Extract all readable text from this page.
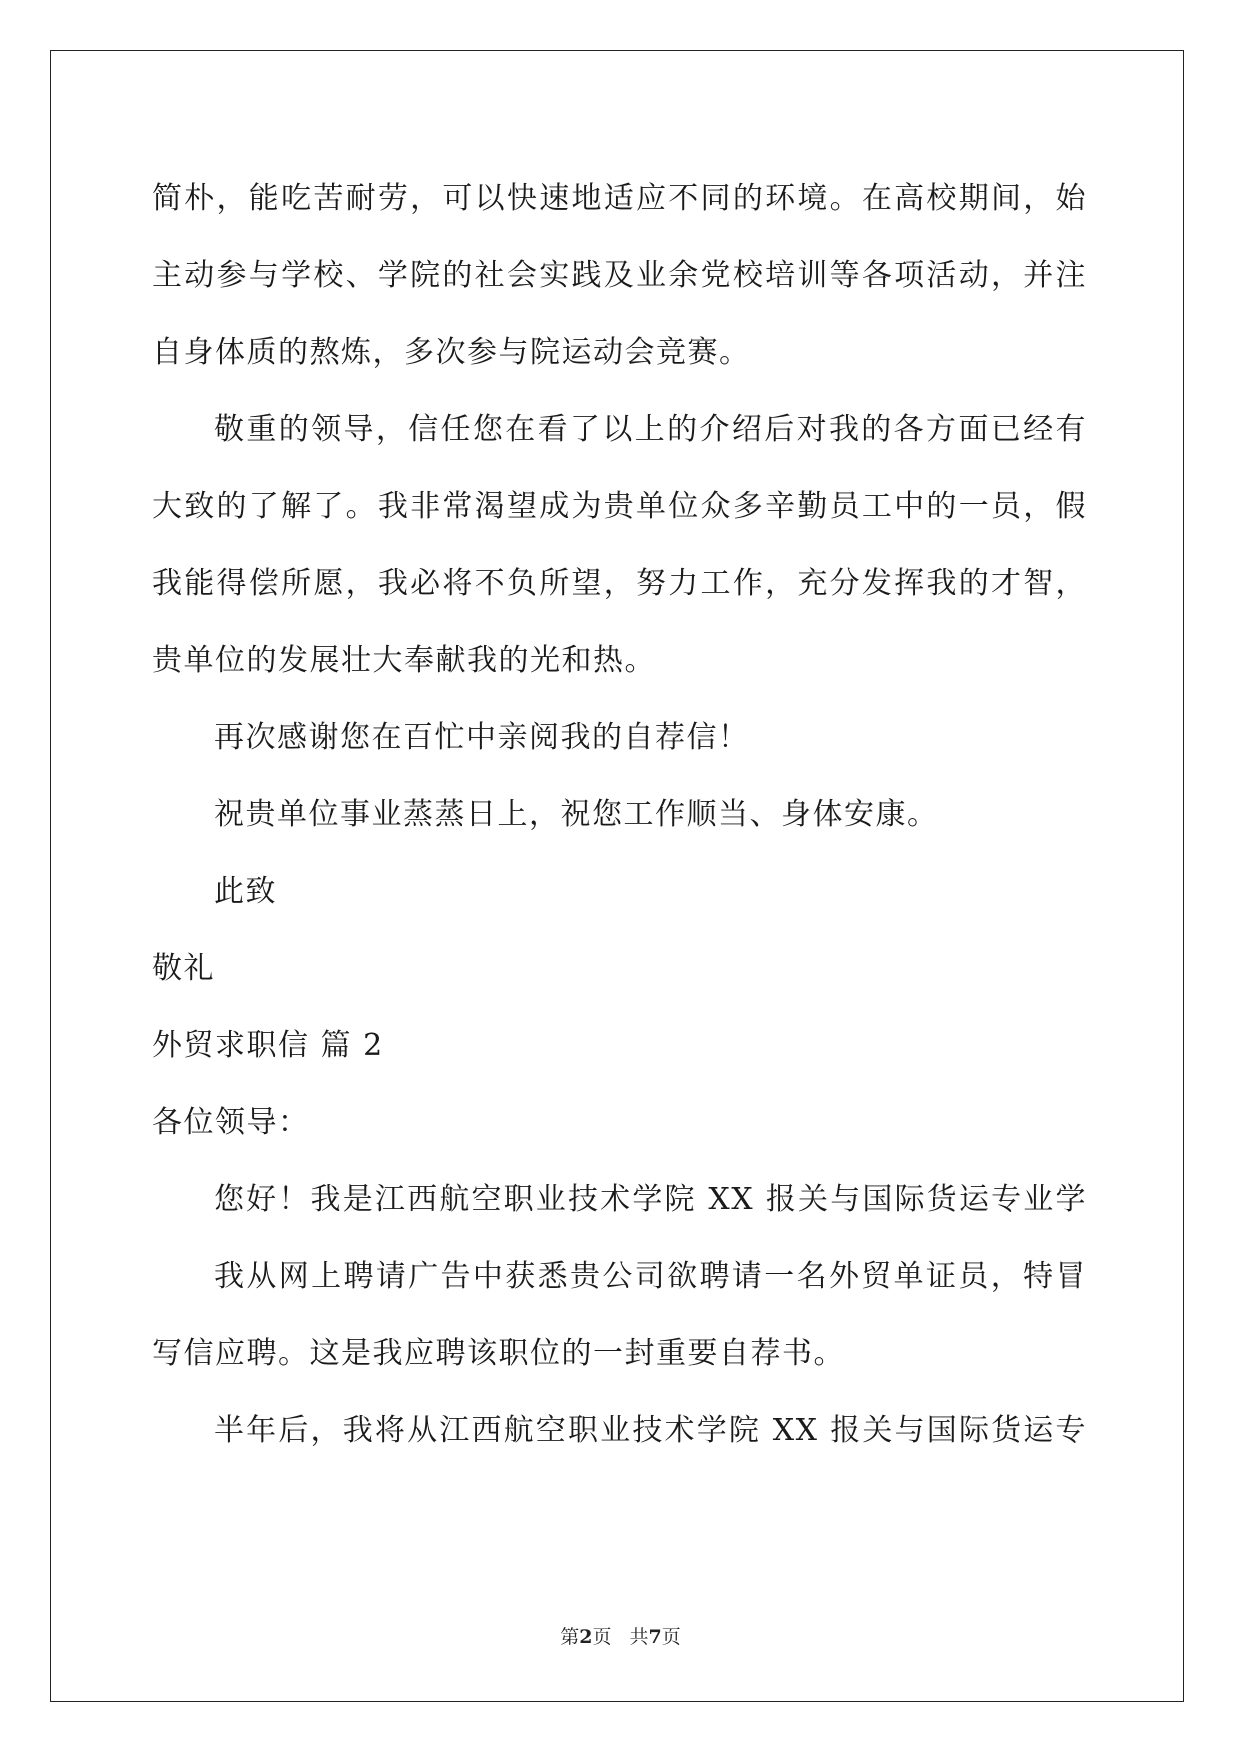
简朴，能吃苦耐劳，可以快速地适应不同的环境。在高校期间，始
主动参与学校、学院的社会实践及业余党校培训等各项活动，并注
自身体质的熬炼，多次参与院运动会竞赛。
敬重的领导，信任您在看了以上的介绍后对我的各方面已经有
大致的了解了。我非常渴望成为贵单位众多辛勤员工中的一员，假
我能得偿所愿，我必将不负所望，努力工作，充分发挥我的才智，
贵单位的发展壮大奉献我的光和热。
再次感谢您在百忙中亲阅我的自荐信！
祝贵单位事业蒸蒸日上，祝您工作顺当、身体安康。
此致
敬礼
外贸求职信 篇 2
各位领导：
您好！我是江西航空职业技术学院 XX 报关与国际货运专业学
我从网上聘请广告中获悉贵公司欲聘请一名外贸单证员，特冒
写信应聘。这是我应聘该职位的一封重要自荐书。
半年后，我将从江西航空职业技术学院 XX 报关与国际货运专
第2页 共7页
